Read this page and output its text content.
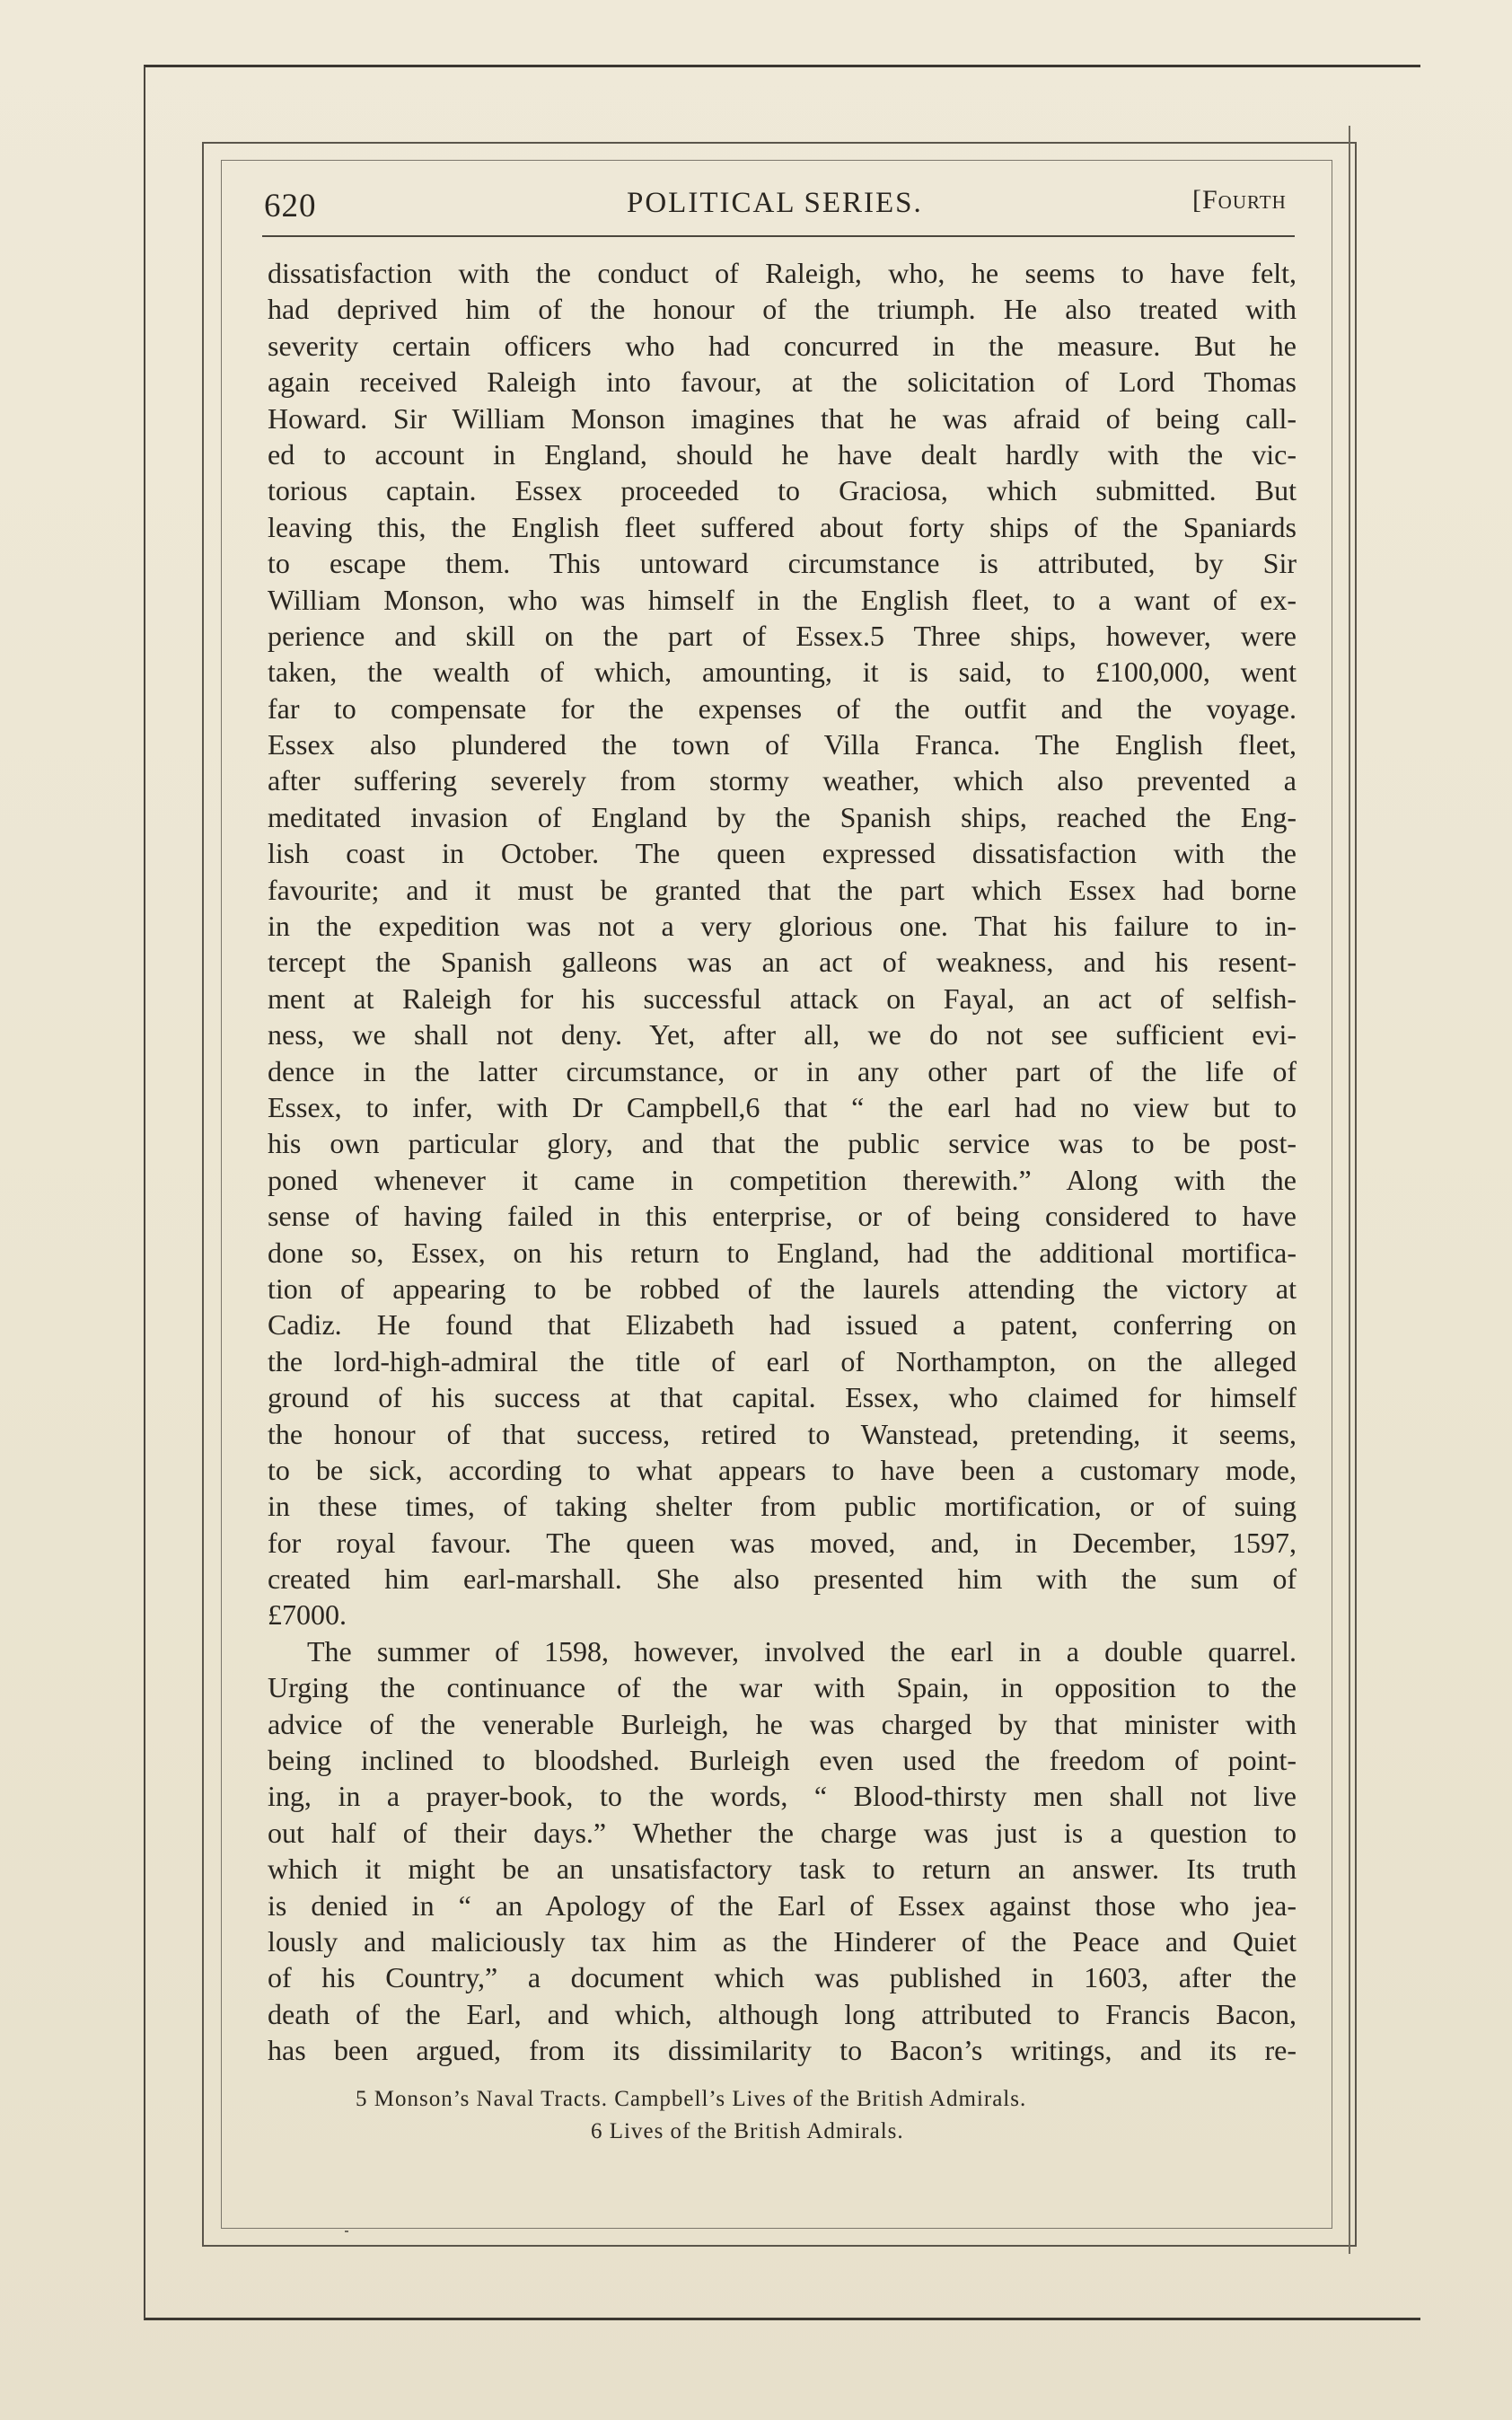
620	POLITICAL SERIES.	[Fourth
dissatisfaction with the conduct of Raleigh, who, he seems to have felt,
had deprived him of the honour of the triumph. He also treated with
severity certain officers who had concurred in the measure. But he
again received Raleigh into favour, at the solicitation of Lord Thomas
Howard. Sir William Monson imagines that he was afraid of being call-
ed to account in England, should he have dealt hardly with the vic-
torious captain. Essex proceeded to Graciosa, which submitted. But
leaving this, the English fleet suffered about forty ships of the Spaniards
to escape them. This untoward circumstance is attributed, by Sir
William Monson, who was himself in the English fleet, to a want of ex-
perience and skill on the part of Essex.5 Three ships, however, were
taken, the wealth of which, amounting, it is said, to £100,000, went
far to compensate for the expenses of the outfit and the voyage.
Essex also plundered the town of Villa Franca. The English fleet,
after suffering severely from stormy weather, which also prevented a
meditated invasion of England by the Spanish ships, reached the Eng-
lish coast in October. The queen expressed dissatisfaction with the
favourite; and it must be granted that the part which Essex had borne
in the expedition was not a very glorious one. That his failure to in-
tercept the Spanish galleons was an act of weakness, and his resent-
ment at Raleigh for his successful attack on Fayal, an act of selfish-
ness, we shall not deny. Yet, after all, we do not see sufficient evi-
dence in the latter circumstance, or in any other part of the life of
Essex, to infer, with Dr Campbell,6 that “ the earl had no view but to
his own particular glory, and that the public service was to be post-
poned whenever it came in competition therewith.” Along with the
sense of having failed in this enterprise, or of being considered to have
done so, Essex, on his return to England, had the additional mortifica-
tion of appearing to be robbed of the laurels attending the victory at
Cadiz. He found that Elizabeth had issued a patent, conferring on
the lord-high-admiral the title of earl of Northampton, on the alleged
ground of his success at that capital. Essex, who claimed for himself
the honour of that success, retired to Wanstead, pretending, it seems,
to be sick, according to what appears to have been a customary mode,
in these times, of taking shelter from public mortification, or of suing
for royal favour. The queen was moved, and, in December, 1597,
created him earl-marshall. She also presented him with the sum of
£7000.
The summer of 1598, however, involved the earl in a double quarrel.
Urging the continuance of the war with Spain, in opposition to the
advice of the venerable Burleigh, he was charged by that minister with
being inclined to bloodshed. Burleigh even used the freedom of point-
ing, in a prayer-book, to the words, “ Blood-thirsty men shall not live
out half of their days.” Whether the charge was just is a question to
which it might be an unsatisfactory task to return an answer. Its truth
is denied in “ an Apology of the Earl of Essex against those who jea-
lously and maliciously tax him as the Hinderer of the Peace and Quiet
of his Country,” a document which was published in 1603, after the
death of the Earl, and which, although long attributed to Francis Bacon,
has been argued, from its dissimilarity to Bacon’s writings, and its re-
5 Monson’s Naval Tracts. Campbell’s Lives of the British Admirals.
6 Lives of the British Admirals.
